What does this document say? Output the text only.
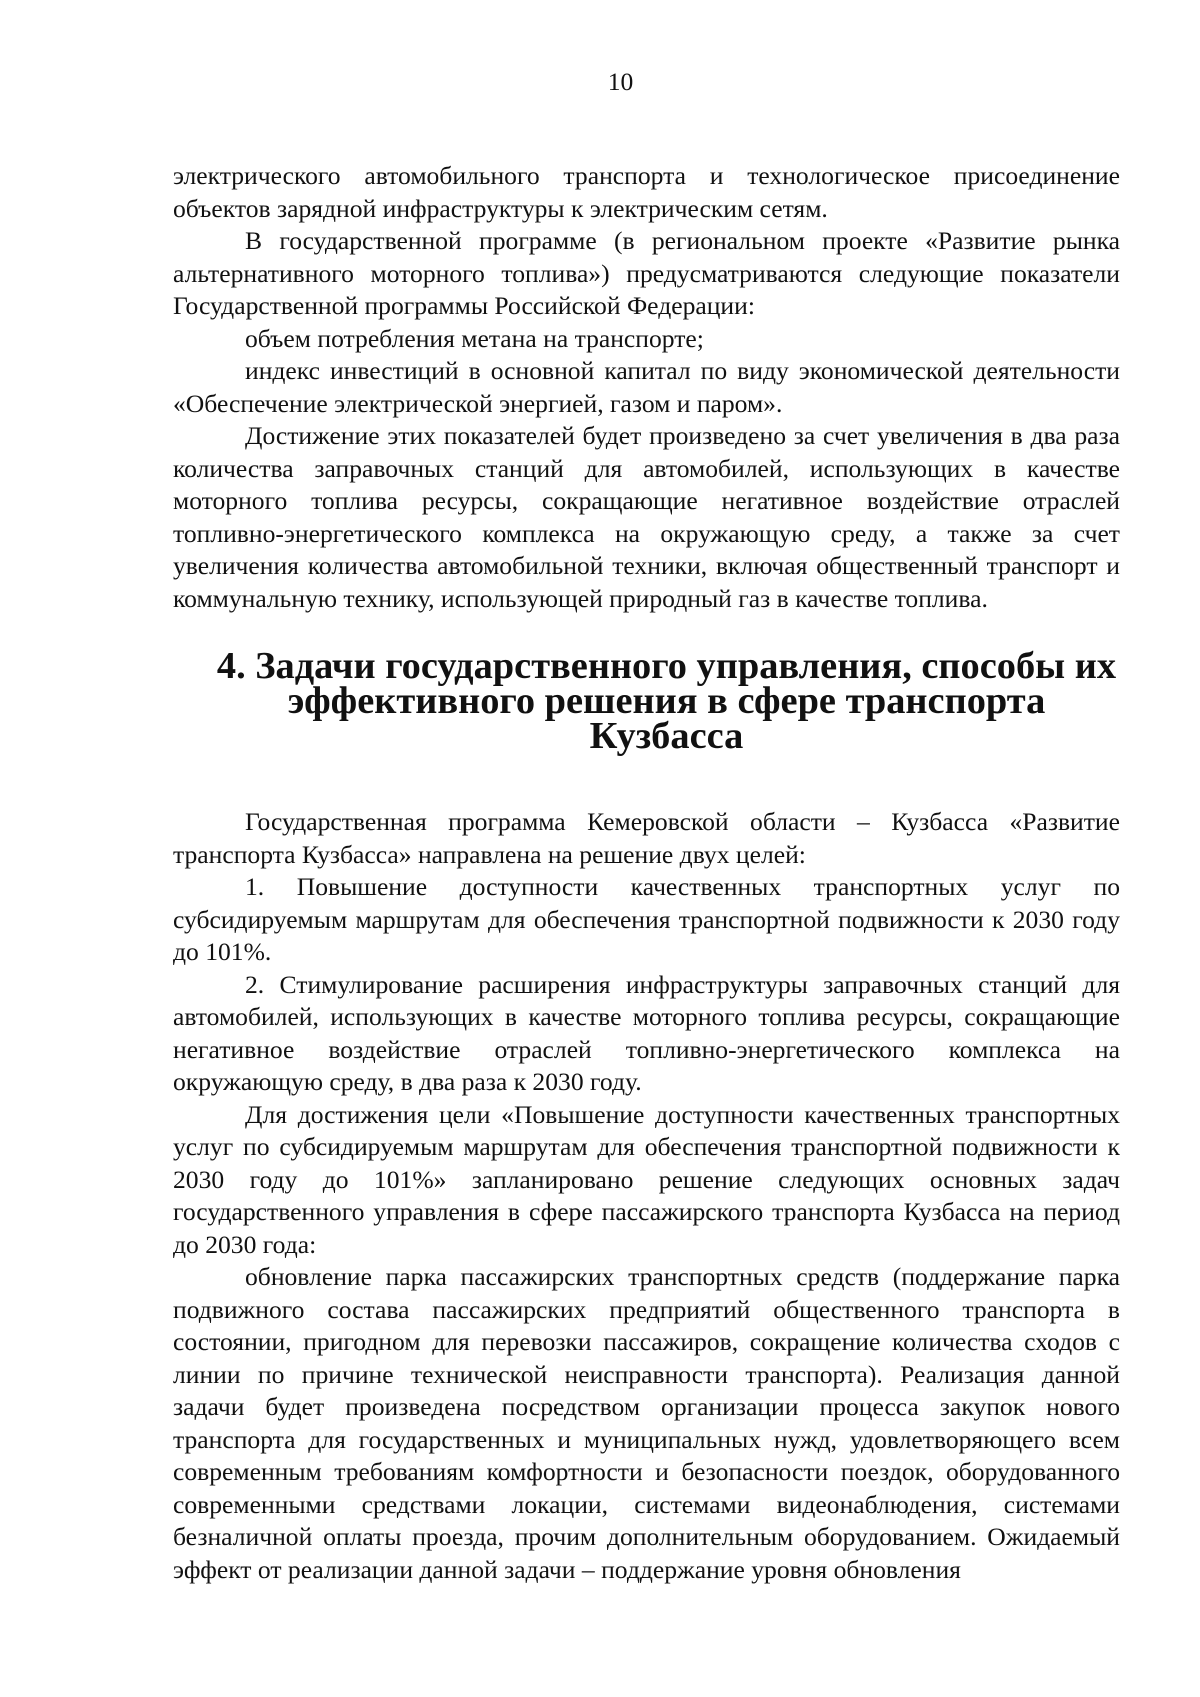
10

электрического автомобильного транспорта и технологическое присоединение объектов зарядной инфраструктуры к электрическим сетям.

В государственной программе (в региональном проекте «Развитие рынка альтернативного моторного топлива») предусматриваются следующие показатели Государственной программы Российской Федерации:

объем потребления метана на транспорте;

индекс инвестиций в основной капитал по виду экономической деятельности «Обеспечение электрической энергией, газом и паром».

Достижение этих показателей будет произведено за счет увеличения в два раза количества заправочных станций для автомобилей, использующих в качестве моторного топлива ресурсы, сокращающие негативное воздействие отраслей топливно-энергетического комплекса на окружающую среду, а также за счет увеличения количества автомобильной техники, включая общественный транспорт и коммунальную технику, использующей природный газ в качестве топлива.

4. Задачи государственного управления, способы их
эффективного решения в сфере транспорта Кузбасса

Государственная программа Кемеровской области – Кузбасса «Развитие транспорта Кузбасса» направлена на решение двух целей:

1. Повышение доступности качественных транспортных услуг по субсидируемым маршрутам для обеспечения транспортной подвижности к 2030 году до 101%.

2. Стимулирование расширения инфраструктуры заправочных станций для автомобилей, использующих в качестве моторного топлива ресурсы, сокращающие негативное воздействие отраслей топливно-энергетического комплекса на окружающую среду, в два раза к 2030 году.

Для достижения цели «Повышение доступности качественных транспортных услуг по субсидируемым маршрутам для обеспечения транспортной подвижности к 2030 году до 101%» запланировано решение следующих основных задач государственного управления в сфере пассажирского транспорта Кузбасса на период до 2030 года:

обновление парка пассажирских транспортных средств (поддержание парка подвижного состава пассажирских предприятий общественного транспорта в состоянии, пригодном для перевозки пассажиров, сокращение количества сходов с линии по причине технической неисправности транспорта). Реализация данной задачи будет произведена посредством организации процесса закупок нового транспорта для государственных и муниципальных нужд, удовлетворяющего всем современным требованиям комфортности и безопасности поездок, оборудованного современными средствами локации, системами видеонаблюдения, системами безналичной оплаты проезда, прочим дополнительным оборудованием. Ожидаемый эффект от реализации данной задачи – поддержание уровня обновления
